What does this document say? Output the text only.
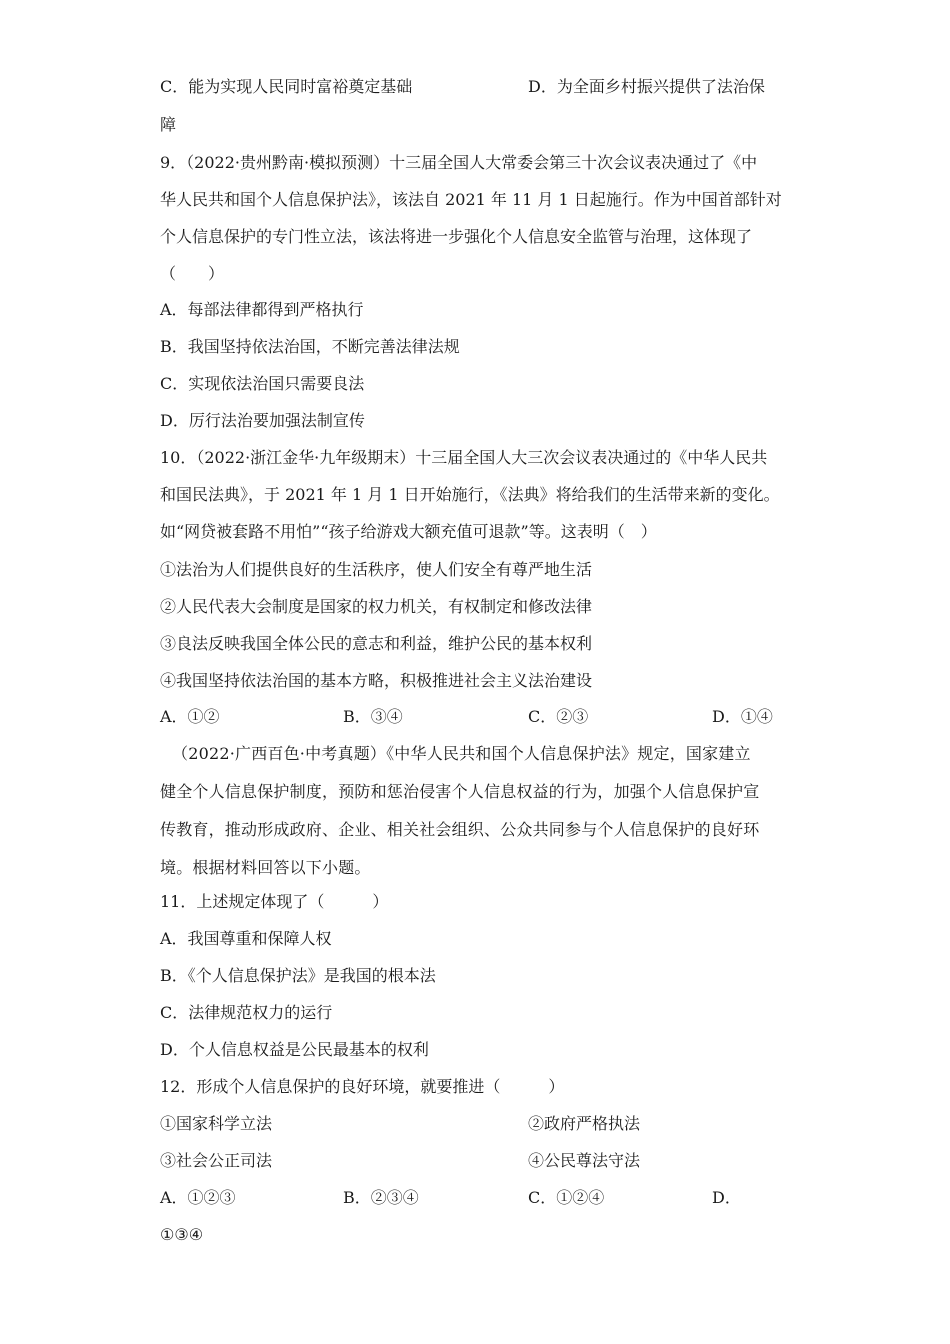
C．能为实现人民同时富裕奠定基础	D．为全面乡村振兴提供了法治保
障
9．（2022·贵州黔南·模拟预测）十三届全国人大常委会第三十次会议表决通过了《中
华人民共和国个人信息保护法》，该法自 2021 年 11 月 1 日起施行。作为中国首部针对
个人信息保护的专门性立法，该法将进一步强化个人信息安全监管与治理，这体现了
（　　）
A．每部法律都得到严格执行
B．我国坚持依法治国，不断完善法律法规
C．实现依法治国只需要良法
D．厉行法治要加强法制宣传
10．（2022·浙江金华·九年级期末）十三届全国人大三次会议表决通过的《中华人民共
和国民法典》，于 2021 年 1 月 1 日开始施行，《法典》将给我们的生活带来新的变化。
如“网贷被套路不用怕”“孩子给游戏大额充值可退款”等。这表明（　）
①法治为人们提供良好的生活秩序，使人们安全有尊严地生活
②人民代表大会制度是国家的权力机关，有权制定和修改法律
③良法反映我国全体公民的意志和利益，维护公民的基本权利
④我国坚持依法治国的基本方略，积极推进社会主义法治建设
A．①②	B．③④	C．②③	D．①④
（2022·广西百色·中考真题）《中华人民共和国个人信息保护法》规定，国家建立
健全个人信息保护制度，预防和惩治侵害个人信息权益的行为，加强个人信息保护宣
传教育，推动形成政府、企业、相关社会组织、公众共同参与个人信息保护的良好环
境。根据材料回答以下小题。
11．上述规定体现了（　　　）
A．我国尊重和保障人权
B．《个人信息保护法》是我国的根本法
C．法律规范权力的运行
D．个人信息权益是公民最基本的权利
12．形成个人信息保护的良好环境，就要推进（　　　）
①国家科学立法	②政府严格执法
③社会公正司法	④公民尊法守法
A．①②③	B．②③④	C．①②④	D．
①③④
